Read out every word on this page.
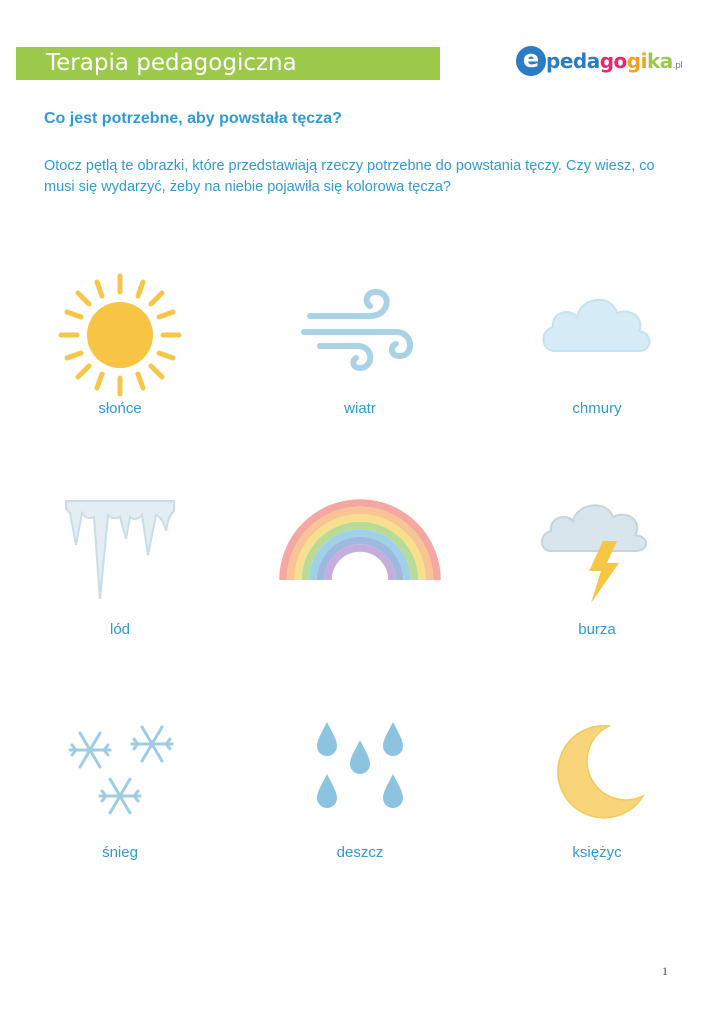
Terapia pedagogiczna	e pedagogika.pl
Co jest potrzebne, aby powstała tęcza?
Otocz pętlą te obrazki, które przedstawiają rzeczy potrzebne do powstania tęczy. Czy wiesz, co musi się wydarzyć, żeby na niebie pojawiła się kolorowa tęcza?
słońce	wiatr	chmury
lód	burza
śnieg	deszcz	księżyc
1
